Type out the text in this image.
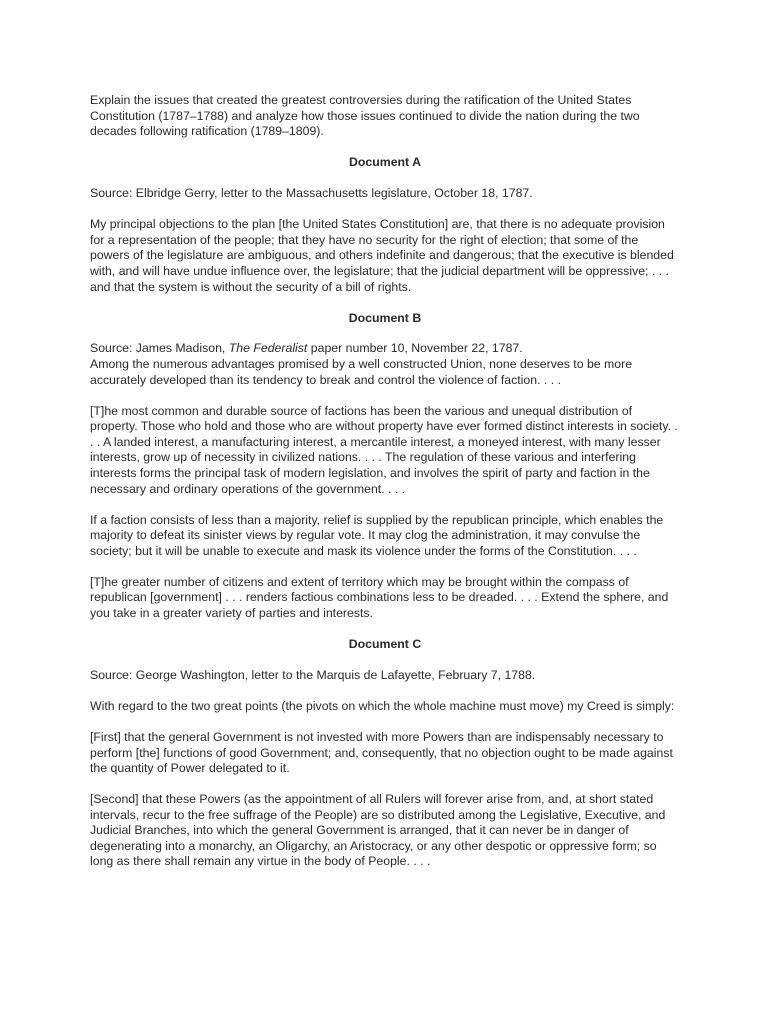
Explain the issues that created the greatest controversies during the ratification of the United States Constitution (1787–1788) and analyze how those issues continued to divide the nation during the two decades following ratification (1789–1809).

Document A

Source: Elbridge Gerry, letter to the Massachusetts legislature, October 18, 1787.

My principal objections to the plan [the United States Constitution] are, that there is no adequate provision for a representation of the people; that they have no security for the right of election; that some of the powers of the legislature are ambiguous, and others indefinite and dangerous; that the executive is blended with, and will have undue influence over, the legislature; that the judicial department will be oppressive; . . . and that the system is without the security of a bill of rights.

Document B

Source: James Madison, The Federalist paper number 10, November 22, 1787.

Among the numerous advantages promised by a well constructed Union, none deserves to be more accurately developed than its tendency to break and control the violence of faction. . . .

[T]he most common and durable source of factions has been the various and unequal distribution of property. Those who hold and those who are without property have ever formed distinct interests in society. . . . A landed interest, a manufacturing interest, a mercantile interest, a moneyed interest, with many lesser interests, grow up of necessity in civilized nations. . . . The regulation of these various and interfering interests forms the principal task of modern legislation, and involves the spirit of party and faction in the necessary and ordinary operations of the government. . . .

If a faction consists of less than a majority, relief is supplied by the republican principle, which enables the majority to defeat its sinister views by regular vote. It may clog the administration, it may convulse the society; but it will be unable to execute and mask its violence under the forms of the Constitution. . . .

[T]he greater number of citizens and extent of territory which may be brought within the compass of republican [government] . . . renders factious combinations less to be dreaded. . . . Extend the sphere, and you take in a greater variety of parties and interests.

Document C

Source: George Washington, letter to the Marquis de Lafayette, February 7, 1788.

With regard to the two great points (the pivots on which the whole machine must move) my Creed is simply:

[First] that the general Government is not invested with more Powers than are indispensably necessary to perform [the] functions of good Government; and, consequently, that no objection ought to be made against the quantity of Power delegated to it.

[Second] that these Powers (as the appointment of all Rulers will forever arise from, and, at short stated intervals, recur to the free suffrage of the People) are so distributed among the Legislative, Executive, and Judicial Branches, into which the general Government is arranged, that it can never be in danger of degenerating into a monarchy, an Oligarchy, an Aristocracy, or any other despotic or oppressive form; so long as there shall remain any virtue in the body of People. . . .
